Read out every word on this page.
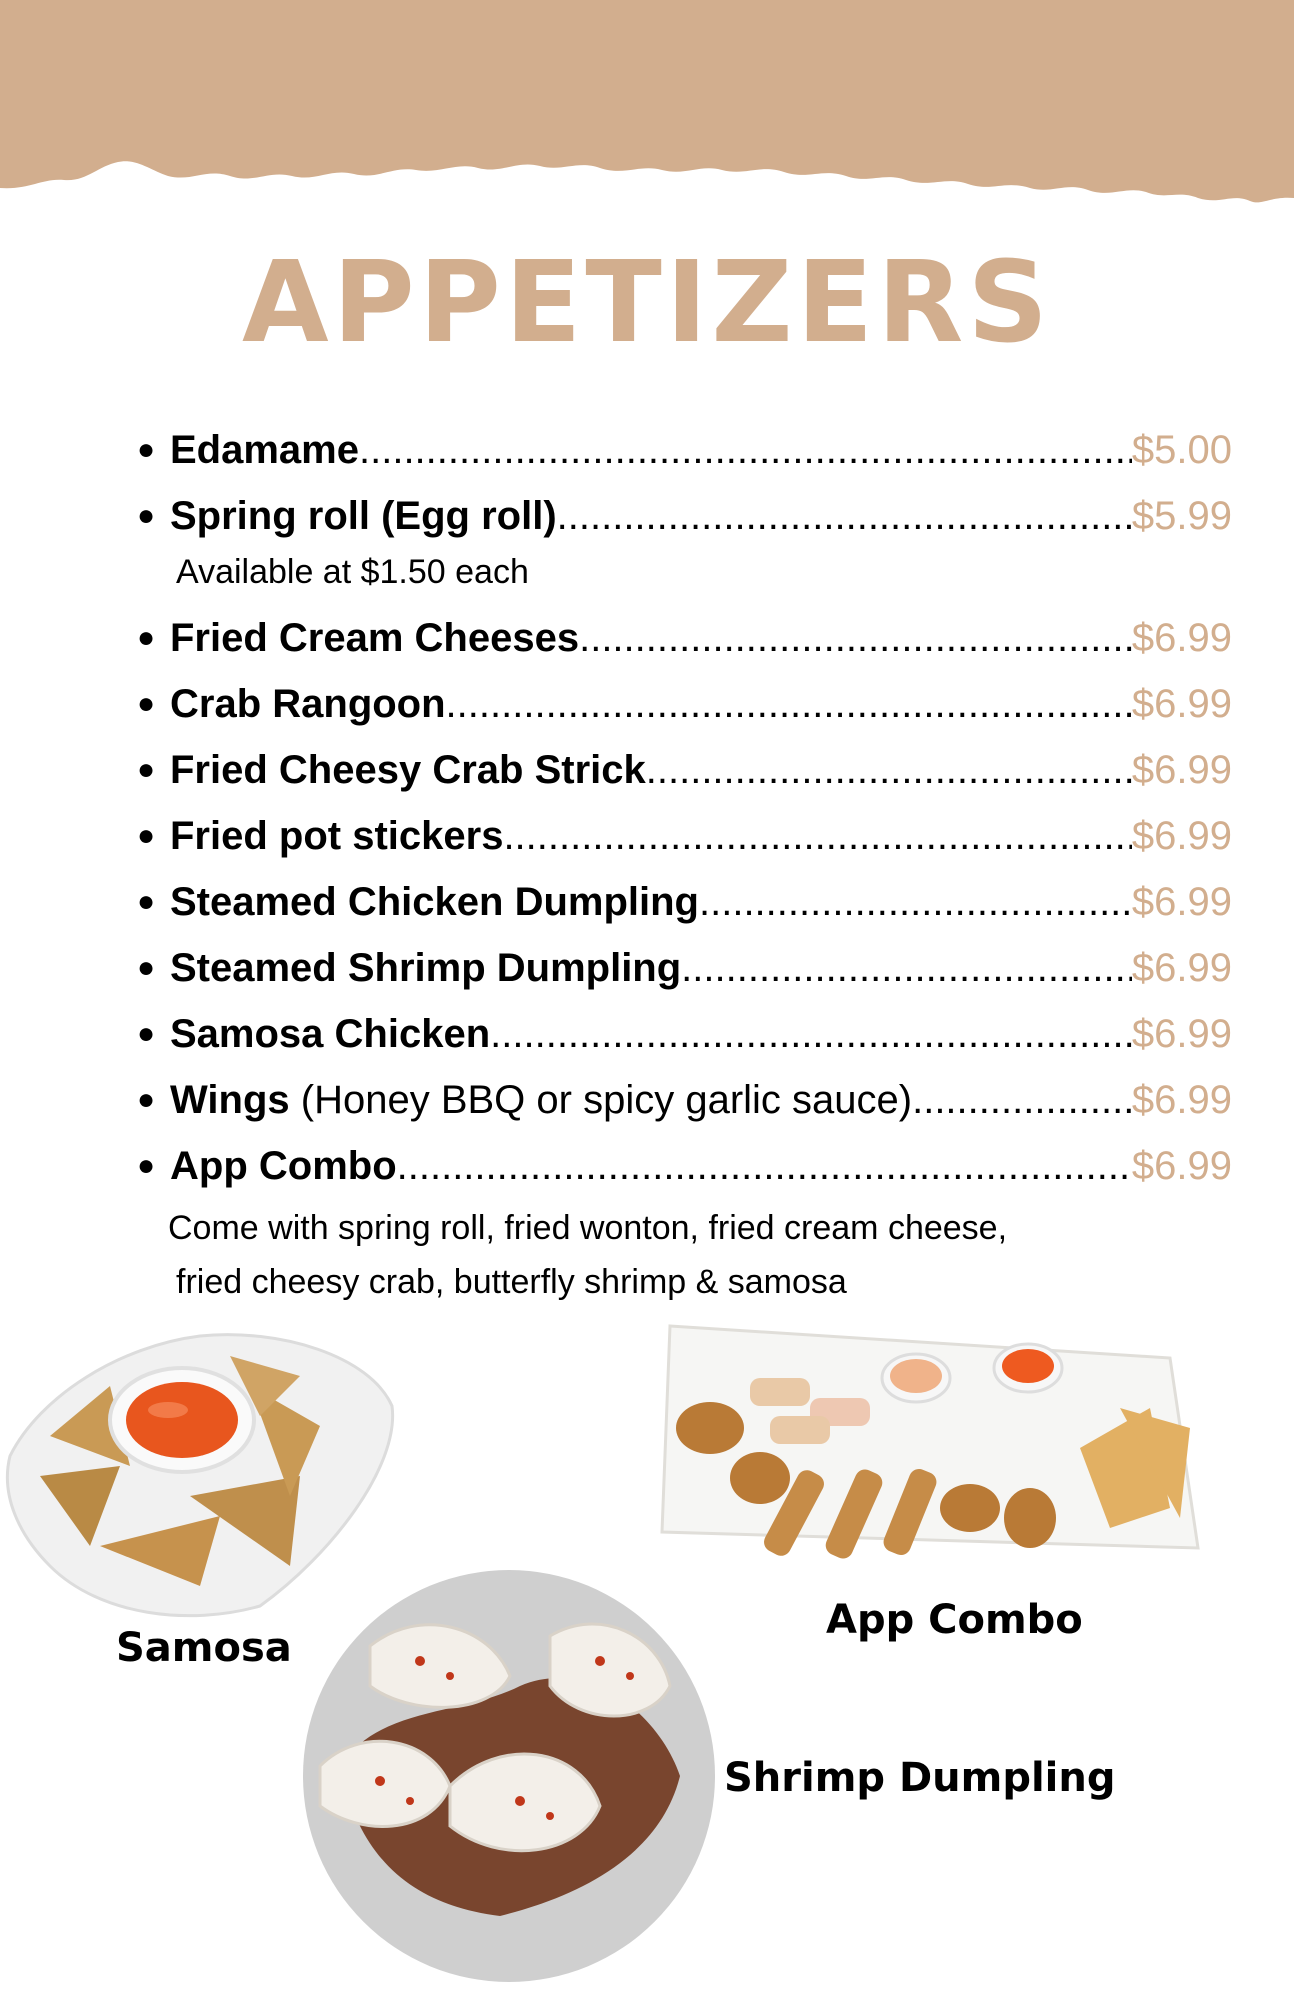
APPETIZERS
● Edamame .....	$5.00
● Spring roll (Egg roll) .....	$5.99
Available at $1.50 each
● Fried Cream Cheeses .....	$6.99
● Crab Rangoon .....	$6.99
● Fried Cheesy Crab Strick .....	$6.99
● Fried pot stickers .....	$6.99
● Steamed Chicken Dumpling .....	$6.99
● Steamed Shrimp Dumpling .....	$6.99
● Samosa Chicken .....	$6.99
● Wings (Honey BBQ or spicy garlic sauce) .....	$6.99
● App Combo .....	$6.99
Come with spring roll, fried wonton, fried cream cheese,
fried cheesy crab, butterfly shrimp & samosa
Samosa
App Combo
Shrimp Dumpling
